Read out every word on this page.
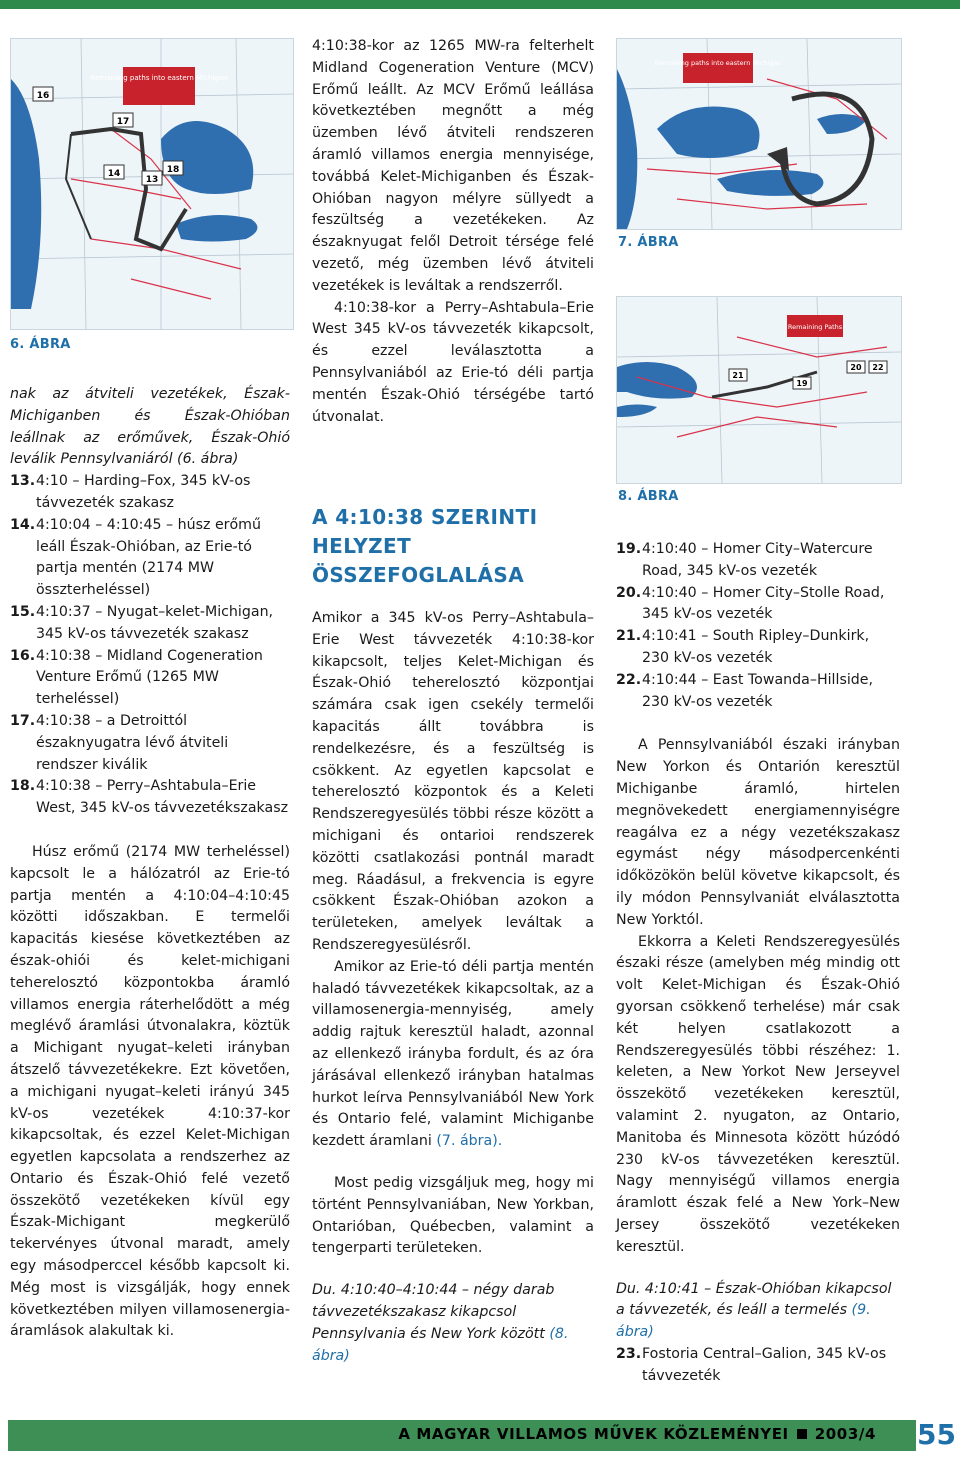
Remaining paths into eastern Michigan
16
17
14
13
18
6. ÁBRA
Remaining paths into eastern Michigan
7. ÁBRA
Remaining Paths
21
19
20 22
8. ÁBRA

nak az átviteli vezetékek, Észak-Michiganben és Észak-Ohióban leállnak az erőművek, Észak-Ohió leválik Pennsylvaniáról (6. ábra)

13. 4:10 – Harding–Fox, 345 kV-os távvezeték szakasz
14. 4:10:04 – 4:10:45 – húsz erőmű leáll Észak-Ohióban, az Erie-tó partja mentén (2174 MW összterheléssel)
15. 4:10:37 – Nyugat–kelet-Michigan, 345 kV-os távvezeték szakasz
16. 4:10:38 – Midland Cogeneration Venture Erőmű (1265 MW terheléssel)
17. 4:10:38 – a Detroittól északnyugatra lévő átviteli rendszer kiválik
18. 4:10:38 – Perry–Ashtabula–Erie West, 345 kV-os távvezetékszakasz

Húsz erőmű (2174 MW terheléssel) kapcsolt le a hálózatról az Erie-tó partja mentén a 4:10:04–4:10:45 közötti időszakban. E termelői kapacitás kiesése következtében az észak-ohiói és kelet-michigani teherelosztó központokba áramló villamos energia ráterhelődött a még meglévő áramlási útvonalakra, köztük a Michigant nyugat–keleti irányban átszelő távvezetékekre. Ezt követően, a michigani nyugat–keleti irányú 345 kV-os vezetékek 4:10:37-kor kikapcsoltak, és ezzel Kelet-Michigan egyetlen kapcsolata a rendszerhez az Ontario és Észak-Ohió felé vezető összekötő vezetékeken kívül egy Észak-Michigant megkerülő tekervényes útvonal maradt, amely egy másodperccel később kapcsolt ki. Még most is vizsgálják, hogy ennek következtében milyen villamosenergia-áramlások alakultak ki.

4:10:38-kor az 1265 MW-ra felterhelt Midland Cogeneration Venture (MCV) Erőmű leállt. Az MCV Erőmű leállása következtében megnőtt a még üzemben lévő átviteli rendszeren áramló villamos energia mennyisége, továbbá Kelet-Michiganben és Észak-Ohióban nagyon mélyre süllyedt a feszültség a vezetékeken. Az északnyugat felől Detroit térsége felé vezető, még üzemben lévő átviteli vezetékek is leváltak a rendszerről.

4:10:38-kor a Perry–Ashtabula–Erie West 345 kV-os távvezeték kikapcsolt, és ezzel leválasztotta a Pennsylvaniából az Erie-tó déli partja mentén Észak-Ohió térségébe tartó útvonalat.

A 4:10:38 SZERINTI HELYZET ÖSSZEFOGLALÁSA

Amikor a 345 kV-os Perry–Ashtabula–Erie West távvezeték 4:10:38-kor kikapcsolt, teljes Kelet-Michigan és Észak-Ohió teherelosztó központjai számára csak igen csekély termelői kapacitás állt továbbra is rendelkezésre, és a feszültség is csökkent. Az egyetlen kapcsolat e teherelosztó központok és a Keleti Rendszeregyesülés többi része között a michigani és ontarioi rendszerek közötti csatlakozási pontnál maradt meg. Ráadásul, a frekvencia is egyre csökkent Észak-Ohióban azokon a területeken, amelyek leváltak a Rendszeregyesülésről.

Amikor az Erie-tó déli partja mentén haladó távvezetékek kikapcsoltak, az a villamosenergia-mennyiség, amely addig rajtuk keresztül haladt, azonnal az ellenkező irányba fordult, és az óra járásával ellenkező irányban hatalmas hurkot leírva Pennsylvaniából New York és Ontario felé, valamint Michiganbe kezdett áramlani (7. ábra).

Most pedig vizsgáljuk meg, hogy mi történt Pennsylvaniában, New Yorkban, Ontarióban, Québecben, valamint a tengerparti területeken.

Du. 4:10:40–4:10:44 – négy darab távvezetékszakasz kikapcsol Pennsylvania és New York között (8. ábra)

19. 4:10:40 – Homer City–Watercure Road, 345 kV-os vezeték
20. 4:10:40 – Homer City–Stolle Road, 345 kV-os vezeték
21. 4:10:41 – South Ripley–Dunkirk, 230 kV-os vezeték
22. 4:10:44 – East Towanda–Hillside, 230 kV-os vezeték

A Pennsylvaniából északi irányban New Yorkon és Ontarión keresztül Michiganbe áramló, hirtelen megnövekedett energiamennyiségre reagálva ez a négy vezetékszakasz egymást négy másodpercenkénti időközökön belül követve kikapcsolt, és ily módon Pennsylvaniát elválasztotta New Yorktól.

Ekkorra a Keleti Rendszeregyesülés északi része (amelyben még mindig ott volt Kelet-Michigan és Észak-Ohió gyorsan csökkenő terhelése) már csak két helyen csatlakozott a Rendszeregyesülés többi részéhez: 1. keleten, a New Yorkot New Jerseyvel összekötő vezetékeken keresztül, valamint 2. nyugaton, az Ontario, Manitoba és Minnesota között húzódó 230 kV-os távvezetéken keresztül. Nagy mennyiségű villamos energia áramlott észak felé a New York–New Jersey összekötő vezetékeken keresztül.

Du. 4:10:41 – Észak-Ohióban kikapcsol a távvezeték, és leáll a termelés (9. ábra)

23. Fostoria Central–Galion, 345 kV-os távvezeték
A MAGYAR VILLAMOS MŰVEK KÖZLEMÉNYEI 2003/4 55
